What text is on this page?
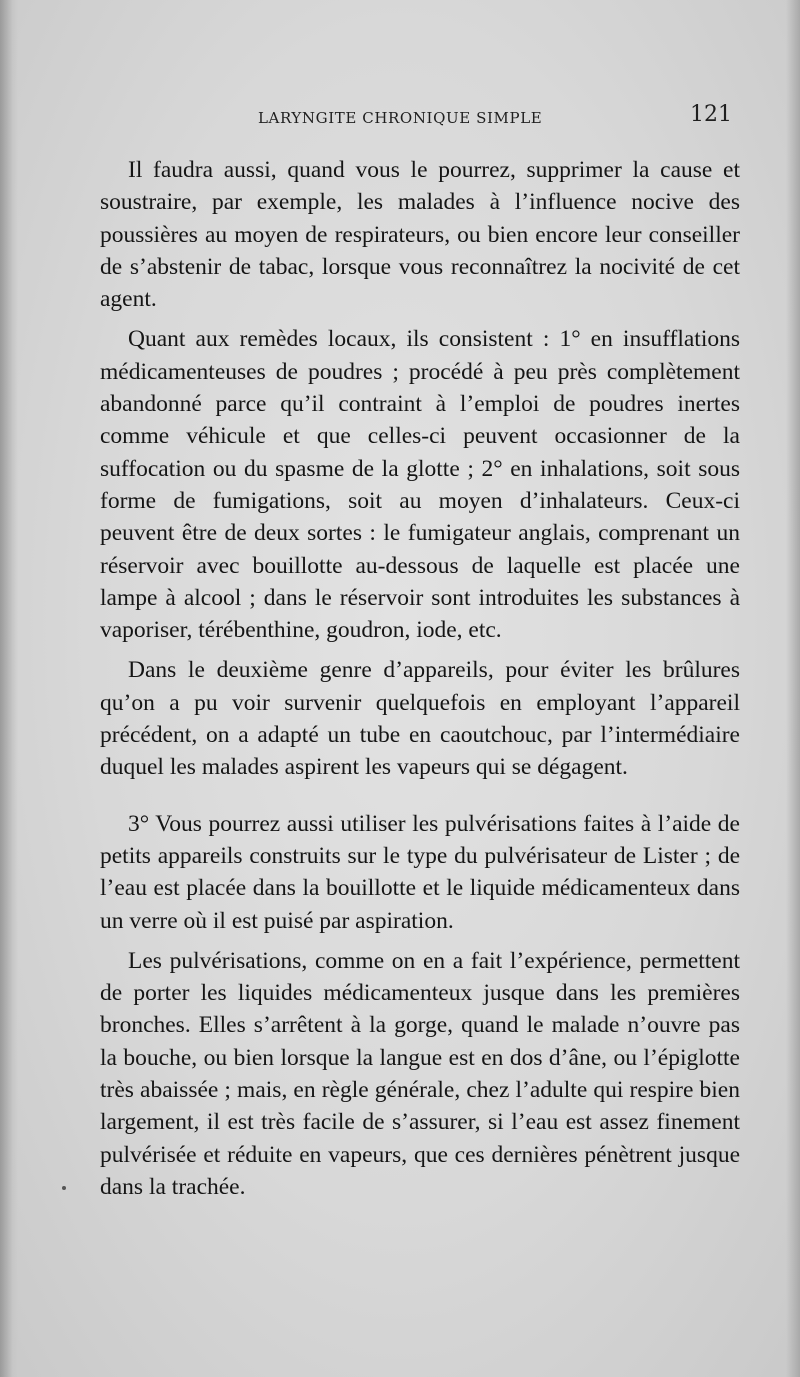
LARYNGITE CHRONIQUE SIMPLE	121

Il faudra aussi, quand vous le pourrez, supprimer la cause et soustraire, par exemple, les malades à l’influence nocive des poussières au moyen de respirateurs, ou bien encore leur conseiller de s’abstenir de tabac, lorsque vous reconnaîtrez la nocivité de cet agent.

Quant aux remèdes locaux, ils consistent : 1° en insufflations médicamenteuses de poudres ; procédé à peu près complètement abandonné parce qu’il contraint à l’emploi de poudres inertes comme véhicule et que celles-ci peuvent occasionner de la suffocation ou du spasme de la glotte ; 2° en inhalations, soit sous forme de fumigations, soit au moyen d’inhalateurs. Ceux-ci peuvent être de deux sortes : le fumigateur anglais, comprenant un réservoir avec bouillotte au-dessous de laquelle est placée une lampe à alcool ; dans le réservoir sont introduites les substances à vaporiser, térébenthine, goudron, iode, etc.

Dans le deuxième genre d’appareils, pour éviter les brûlures qu’on a pu voir survenir quelquefois en employant l’appareil précédent, on a adapté un tube en caoutchouc, par l’intermédiaire duquel les malades aspirent les vapeurs qui se dégagent.

3° Vous pourrez aussi utiliser les pulvérisations faites à l’aide de petits appareils construits sur le type du pulvérisateur de Lister ; de l’eau est placée dans la bouillotte et le liquide médicamenteux dans un verre où il est puisé par aspiration.

Les pulvérisations, comme on en a fait l’expérience, permettent de porter les liquides médicamenteux jusque dans les premières bronches. Elles s’arrêtent à la gorge, quand le malade n’ouvre pas la bouche, ou bien lorsque la langue est en dos d’âne, ou l’épiglotte très abaissée ; mais, en règle générale, chez l’adulte qui respire bien largement, il est très facile de s’assurer, si l’eau est assez finement pulvérisée et réduite en vapeurs, que ces dernières pénètrent jusque dans la trachée.
